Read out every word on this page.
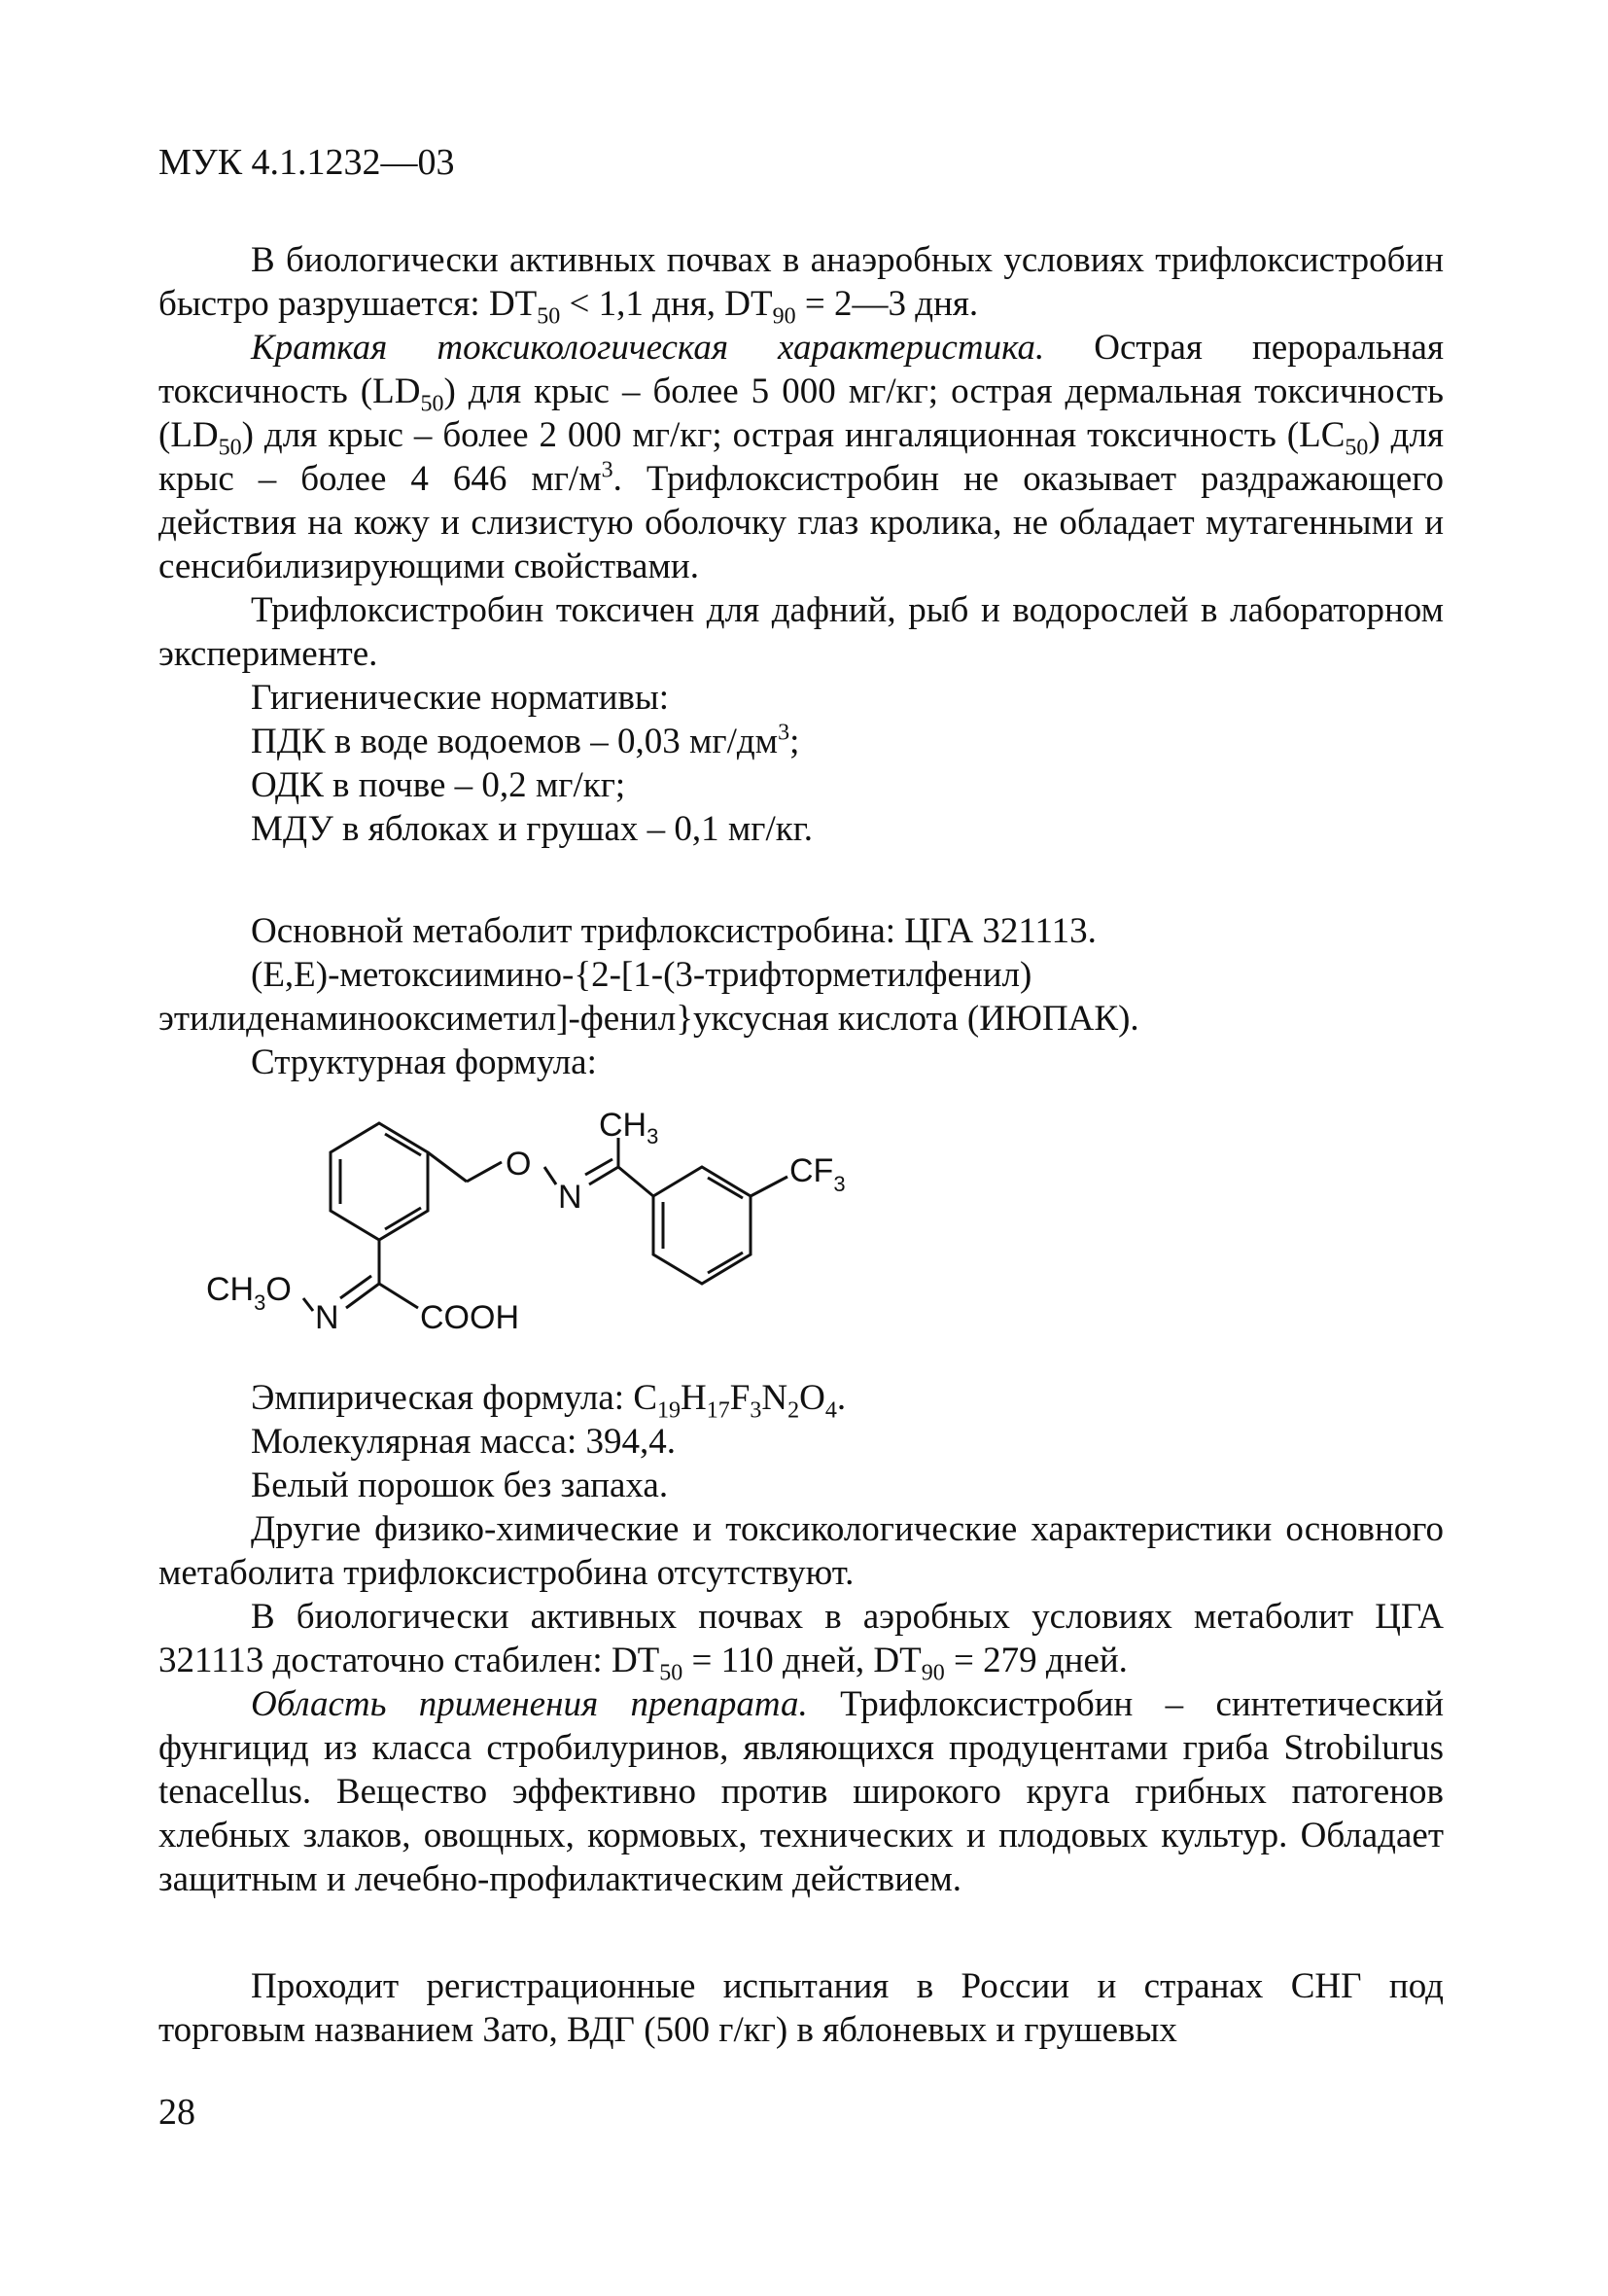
МУК 4.1.1232—03
В биологически активных почвах в анаэробных условиях трифлоксистробин быстро разрушается: $DT_{50} < 1,1$ дня, $DT_{90}$ = 2—3 дня.
Краткая токсикологическая характеристика. Острая пероральная токсичность $(LD_{50})$ для крыс – более 5 000 мг/кг; острая дермальная токсичность $(LD_{50})$ для крыс – более 2 000 мг/кг; острая ингаляционная токсичность $(LC_{50})$ для крыс – более 4 646 $мг/м^3$. Трифлоксистробин не оказывает раздражающего действия на кожу и слизистую оболочку глаз кролика, не обладает мутагенными и сенсибилизирующими свойствами.
Трифлоксистробин токсичен для дафний, рыб и водорослей в лабораторном эксперименте.

Гигиенические нормативы:

ПДК в воде водоемов – 0,03 $мг/дм^3$;

ОДК в почве – 0,2 мг/кг;

МДУ в яблоках и грушах – 0,1 мг/кг.

Основной метаболит трифлоксистробина: ЦГА 321113.
(E,E)-метоксиимино-{2-[1-(3-трифторметилфенил) этилиденаминооксиметил]-фенил}уксусная кислота (ИЮПАК).
Структурная формула:
$CH_3$
O
N
$CF_3$
$CH_3O$
N COOH

Эмпирическая формула: $C_{19}H_{17}F_3N_2O_4$.

Молекулярная масса: 394,4.

Белый порошок без запаха.

Другие физико-химические и токсикологические характеристики основного метаболита трифлоксистробина отсутствуют.
В биологически активных почвах в аэробных условиях метаболит ЦГА 321113 достаточно стабилен: $DT_{50} = 110$ дней, $DT_{90} = 279$ дней.
Область применения препарата. Трифлоксистробин – синтетический фунгицид из класса стробилуринов, являющихся продуцентами гриба Strobilurus tenacellus. Вещество эффективно против широкого круга грибных патогенов хлебных злаков, овощных, кормовых, технических и плодовых культур. Обладает защитным и лечебно-профилактическим действием.
Проходит регистрационные испытания в России и странах СНГ под торговым названием Зато, ВДГ (500 г/кг) в яблоневых и грушевых
28
